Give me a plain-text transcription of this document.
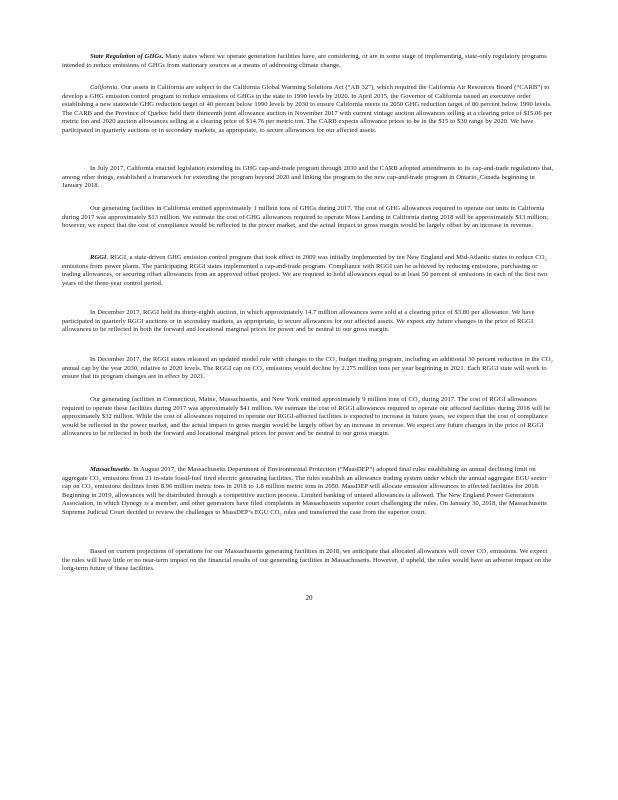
State Regulation of GHGs. Many states where we operate generation facilities have, are considering, or are in some stage of implementing, state-only regulatory programs intended to reduce emissions of GHGs from stationary sources as a means of addressing climate change.

California. Our assets in California are subject to the California Global Warming Solutions Act (“AB 32”), which required the California Air Resources Board (“CARB”) to develop a GHG emission control program to reduce emissions of GHGs in the state to 1990 levels by 2020. In April 2015, the Governor of California issued an executive order establishing a new statewide GHG reduction target of 40 percent below 1990 levels by 2030 to ensure California meets its 2050 GHG reduction target of 80 percent below 1990 levels. The CARB and the Province of Quebec held their thirteenth joint allowance auction in November 2017 with current vintage auction allowances selling at a clearing price of $15.06 per metric ton and 2020 auction allowances selling at a clearing price of $14.76 per metric ton. The CARB expects allowance prices to be in the $15 to $30 range by 2020. We have participated in quarterly auctions or in secondary markets, as appropriate, to secure allowances for our affected assets.

In July 2017, California enacted legislation extending its GHG cap-and-trade program through 2030 and the CARB adopted amendments to its cap-and-trade regulations that, among other things, established a framework for extending the program beyond 2020 and linking the program to the new cap-and-trade program in Ontario, Canada beginning in January 2018.

Our generating facilities in California emitted approximately 1 million tons of GHGs during 2017. The cost of GHG allowances required to operate our units in California during 2017 was approximately $13 million. We estimate the cost of GHG allowances required to operate Moss Landing in California during 2018 will be approximately $13 million; however, we expect that the cost of compliance would be reflected in the power market, and the actual impact to gross margin would be largely offset by an increase in revenue.

RGGI. RGGI, a state-driven GHG emission control program that took effect in 2009 was initially implemented by ten New England and Mid-Atlantic states to reduce CO₂ emissions from power plants. The participating RGGI states implemented a cap-and-trade program. Compliance with RGGI can be achieved by reducing emissions, purchasing or trading allowances, or securing offset allowances from an approved offset project. We are required to hold allowances equal to at least 50 percent of emissions in each of the first two years of the three-year control period.

In December 2017, RGGI held its thirty-eighth auction, in which approximately 14.7 million allowances were sold at a clearing price of $3.80 per allowance. We have participated in quarterly RGGI auctions or in secondary markets, as appropriate, to secure allowances for our affected assets. We expect any future changes in the price of RGGI allowances to be reflected in both the forward and locational marginal prices for power and be neutral to our gross margin.

In December 2017, the RGGI states released an updated model rule with changes to the CO₂ budget trading program, including an additional 30 percent reduction in the CO₂ annual cap by the year 2030, relative to 2020 levels. The RGGI cap on CO₂ emissions would decline by 2.275 million tons per year beginning in 2021. Each RGGI state will work to ensure that its program changes are in effect by 2021.

Our generating facilities in Connecticut, Maine, Massachusetts, and New York emitted approximately 9 million tons of CO₂ during 2017. The cost of RGGI allowances required to operate these facilities during 2017 was approximately $41 million. We estimate the cost of RGGI allowances required to operate our affected facilities during 2018 will be approximately $32 million. While the cost of allowances required to operate our RGGI-affected facilities is expected to increase in future years, we expect that the cost of compliance would be reflected in the power market, and the actual impact to gross margin would be largely offset by an increase in revenue. We expect any future changes in the price of RGGI allowances to be reflected in both the forward and locational marginal prices for power and be neutral to our gross margin.

Massachusetts. In August 2017, the Massachusetts Department of Environmental Protection (“MassDEP”) adopted final rules establishing an annual declining limit on aggregate CO₂ emissions from 21 in-state fossil-fuel fired electric generating facilities. The rules establish an allowance trading system under which the annual aggregate EGU sector cap on CO₂ emissions declines from 8.96 million metric tons in 2018 to 1.8 million metric tons in 2050. MassDEP will allocate emission allowances to affected facilities for 2018. Beginning in 2019, allowances will be distributed through a competitive auction process. Limited banking of unused allowances is allowed. The New England Power Generators Association, in which Dynegy is a member, and other generators have filed complaints in Massachusetts superior court challenging the rules. On January 30, 2018, the Massachusetts Supreme Judicial Court decided to review the challenges to MassDEP’s EGU CO₂ rules and transferred the case from the superior court.

Based on current projections of operations for our Massachusetts generating facilities in 2018, we anticipate that allocated allowances will cover CO₂ emissions. We expect the rules will have little or no near-term impact on the financial results of our generating facilities in Massachusetts. However, if upheld, the rules would have an adverse impact on the long-term future of these facilities.

20
